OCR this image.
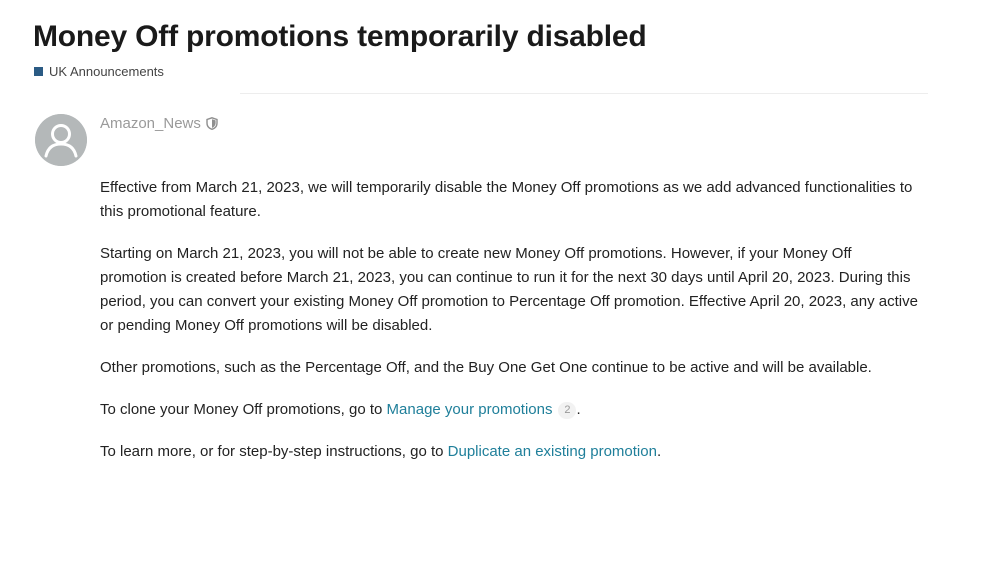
Money Off promotions temporarily disabled
UK Announcements
Amazon_News

Effective from March 21, 2023, we will temporarily disable the Money Off promotions as we add advanced functionalities to this promotional feature.

Starting on March 21, 2023, you will not be able to create new Money Off promotions. However, if your Money Off promotion is created before March 21, 2023, you can continue to run it for the next 30 days until April 20, 2023. During this period, you can convert your existing Money Off promotion to Percentage Off promotion. Effective April 20, 2023, any active or pending Money Off promotions will be disabled.

Other promotions, such as the Percentage Off, and the Buy One Get One continue to be active and will be available.

To clone your Money Off promotions, go to Manage your promotions 2 .

To learn more, or for step-by-step instructions, go to Duplicate an existing promotion.
